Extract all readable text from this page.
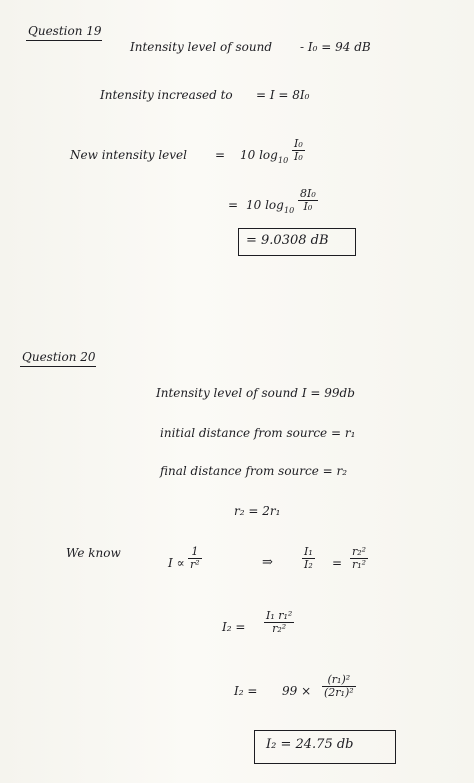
Question 19
Intensity level of sound - I₀ = 94 dB
Intensity increased to = I = 8I₀
New intensity level = 10 $\log 10 \frac{\text{I₀}}{\text{I₀}}$
= 10 $\log 10 \frac{\text{8I₀}}{\text{I₀}}$
= 9.0308 dB
Question 20
Intensity level of sound I = 99db
initial distance from source = r₁
final distance from source = r₂
r₂ = 2r₁
We know
$I \propto \frac{1}{\text{r²}}$	⇒	$\frac{\text{I₁}}{\text{I₂}} = \frac{\text{r₂²}}{\text{r₁²}}$
$I_2 = \frac{\text{I₁ r₁²}}{\text{r₂²}}$
$I_2 = 99 \times \frac{\text{(r₁)²}}{\text{(2r₁)²}}$
I₂ = 24.75 db
